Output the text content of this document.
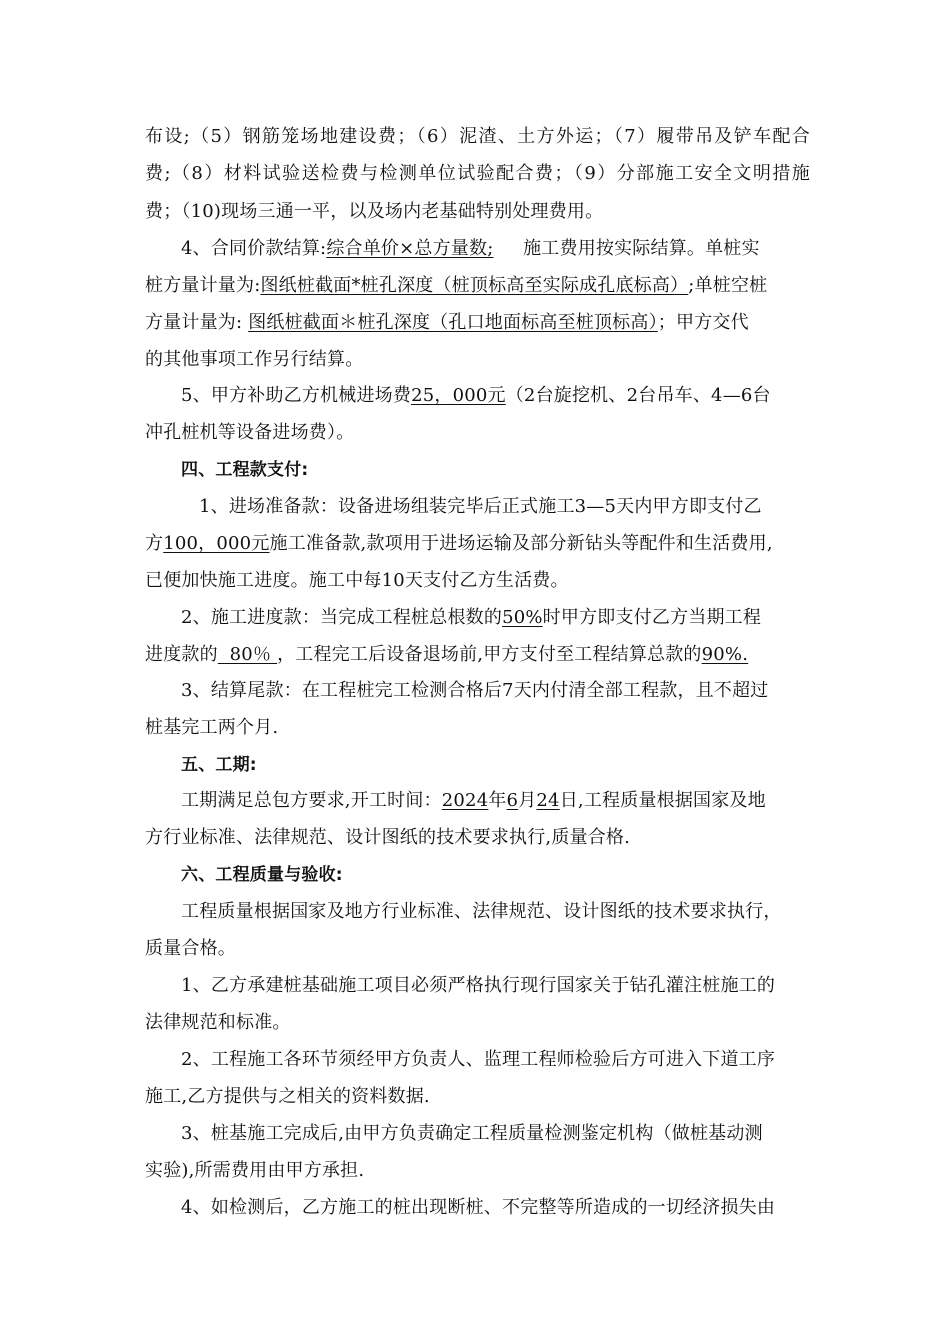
布设;（5）钢筋笼场地建设费；（6）泥渣、土方外运；（7）履带吊及铲车配合
费;（8）材料试验送检费与检测单位试验配合费；（9）分部施工安全文明措施
费；（10)现场三通一平，以及场内老基础特别处理费用。
4、合同价款结算:综合单价×总方量数;     施工费用按实际结算。单桩实
桩方量计量为:图纸桩截面*桩孔深度（桩顶标高至实际成孔底标高）;单桩空桩
方量计量为: 图纸桩截面＊桩孔深度（孔口地面标高至桩顶标高）；甲方交代
的其他事项工作另行结算。
5、甲方补助乙方机械进场费25，000元（2台旋挖机、2台吊车、4—6台
冲孔桩机等设备进场费）。
四、工程款支付:
1、进场准备款：设备进场组装完毕后正式施工3—5天内甲方即支付乙
方100，000元施工准备款,款项用于进场运输及部分新钻头等配件和生活费用,
已便加快施工进度。施工中每10天支付乙方生活费。
2、施工进度款：当完成工程桩总根数的50%时甲方即支付乙方当期工程
进度款的  80％ ，工程完工后设备退场前,甲方支付至工程结算总款的90%.
3、结算尾款：在工程桩完工检测合格后7天内付清全部工程款，且不超过
桩基完工两个月.
五、工期:
工期满足总包方要求,开工时间：2024年6月24日,工程质量根据国家及地
方行业标准、法律规范、设计图纸的技术要求执行,质量合格.
六、工程质量与验收:
工程质量根据国家及地方行业标准、法律规范、设计图纸的技术要求执行，
质量合格。
1、乙方承建桩基础施工项目必须严格执行现行国家关于钻孔灌注桩施工的
法律规范和标准。
2、工程施工各环节须经甲方负责人、监理工程师检验后方可进入下道工序
施工,乙方提供与之相关的资料数据.
3、桩基施工完成后,由甲方负责确定工程质量检测鉴定机构（做桩基动测
实验),所需费用由甲方承担.
4、如检测后，乙方施工的桩出现断桩、不完整等所造成的一切经济损失由
